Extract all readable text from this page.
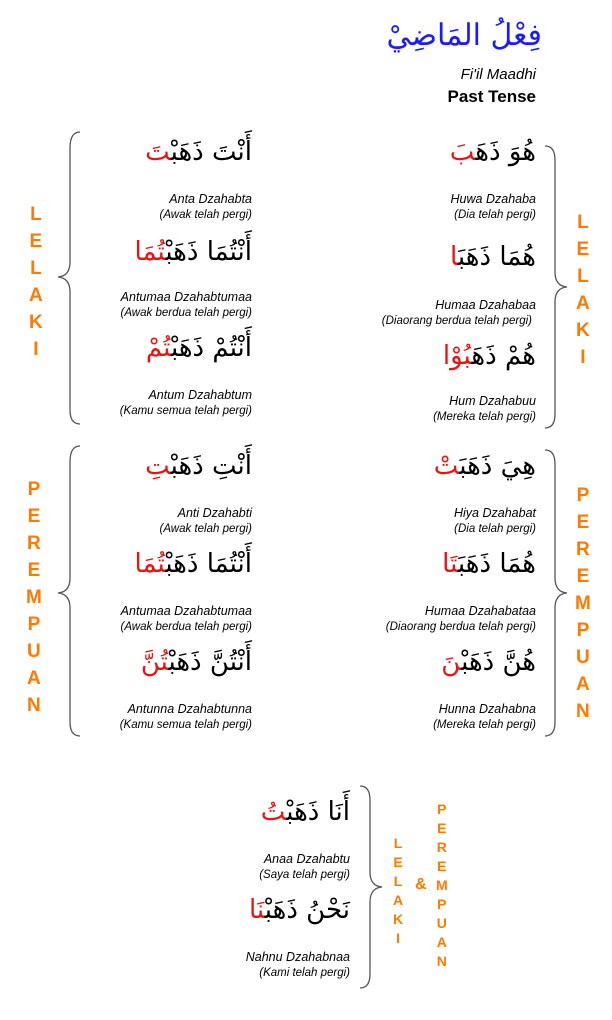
فِعْلُ المَاضِيْ
Fi'il Maadhi
Past Tense
هُوَ ذَهَبَ
Huwa Dzahaba
(Dia telah pergi)
هُمَا ذَهَبَا
Humaa Dzahabaa
(Diaorang berdua telah pergi)
هُمْ ذَهَبُوْا
Hum Dzahabuu
(Mereka telah pergi)
أَنْتَ ذَهَبْتَ
Anta Dzahabta
(Awak telah pergi)
أَنْتُمَا ذَهَبْتُمَا
Antumaa Dzahabtumaa
(Awak berdua telah pergi)
أَنْتُمْ ذَهَبْتُمْ
Antum Dzahabtum
(Kamu semua telah pergi)
هِيَ ذَهَبَتْ
Hiya Dzahabat
(Dia telah pergi)
هُمَا ذَهَبَتَا
Humaa Dzahabataa
(Diaorang berdua telah pergi)
هُنَّ ذَهَبْنَ
Hunna Dzahabna
(Mereka telah pergi)
أَنْتِ ذَهَبْتِ
Anti Dzahabti
(Awak telah pergi)
أَنْتُمَا ذَهَبْتُمَا
Antumaa Dzahabtumaa
(Awak berdua telah pergi)
أَنْتُنَّ ذَهَبْتُنَّ
Antunna Dzahabtunna
(Kamu semua telah pergi)
أَنَا ذَهَبْتُ
Anaa Dzahabtu
(Saya telah pergi)
نَحْنُ ذَهَبْنَا
Nahnu Dzahabnaa
(Kami telah pergi)
L
E
L
A
K
I
L
E
L
A
K
I
P
E
R
E
M
P
U
A
N
P
E
R
E
M
P
U
A
N
L
E
L
A
K
I
P
E
R
E
M
P
U
A
N
&
